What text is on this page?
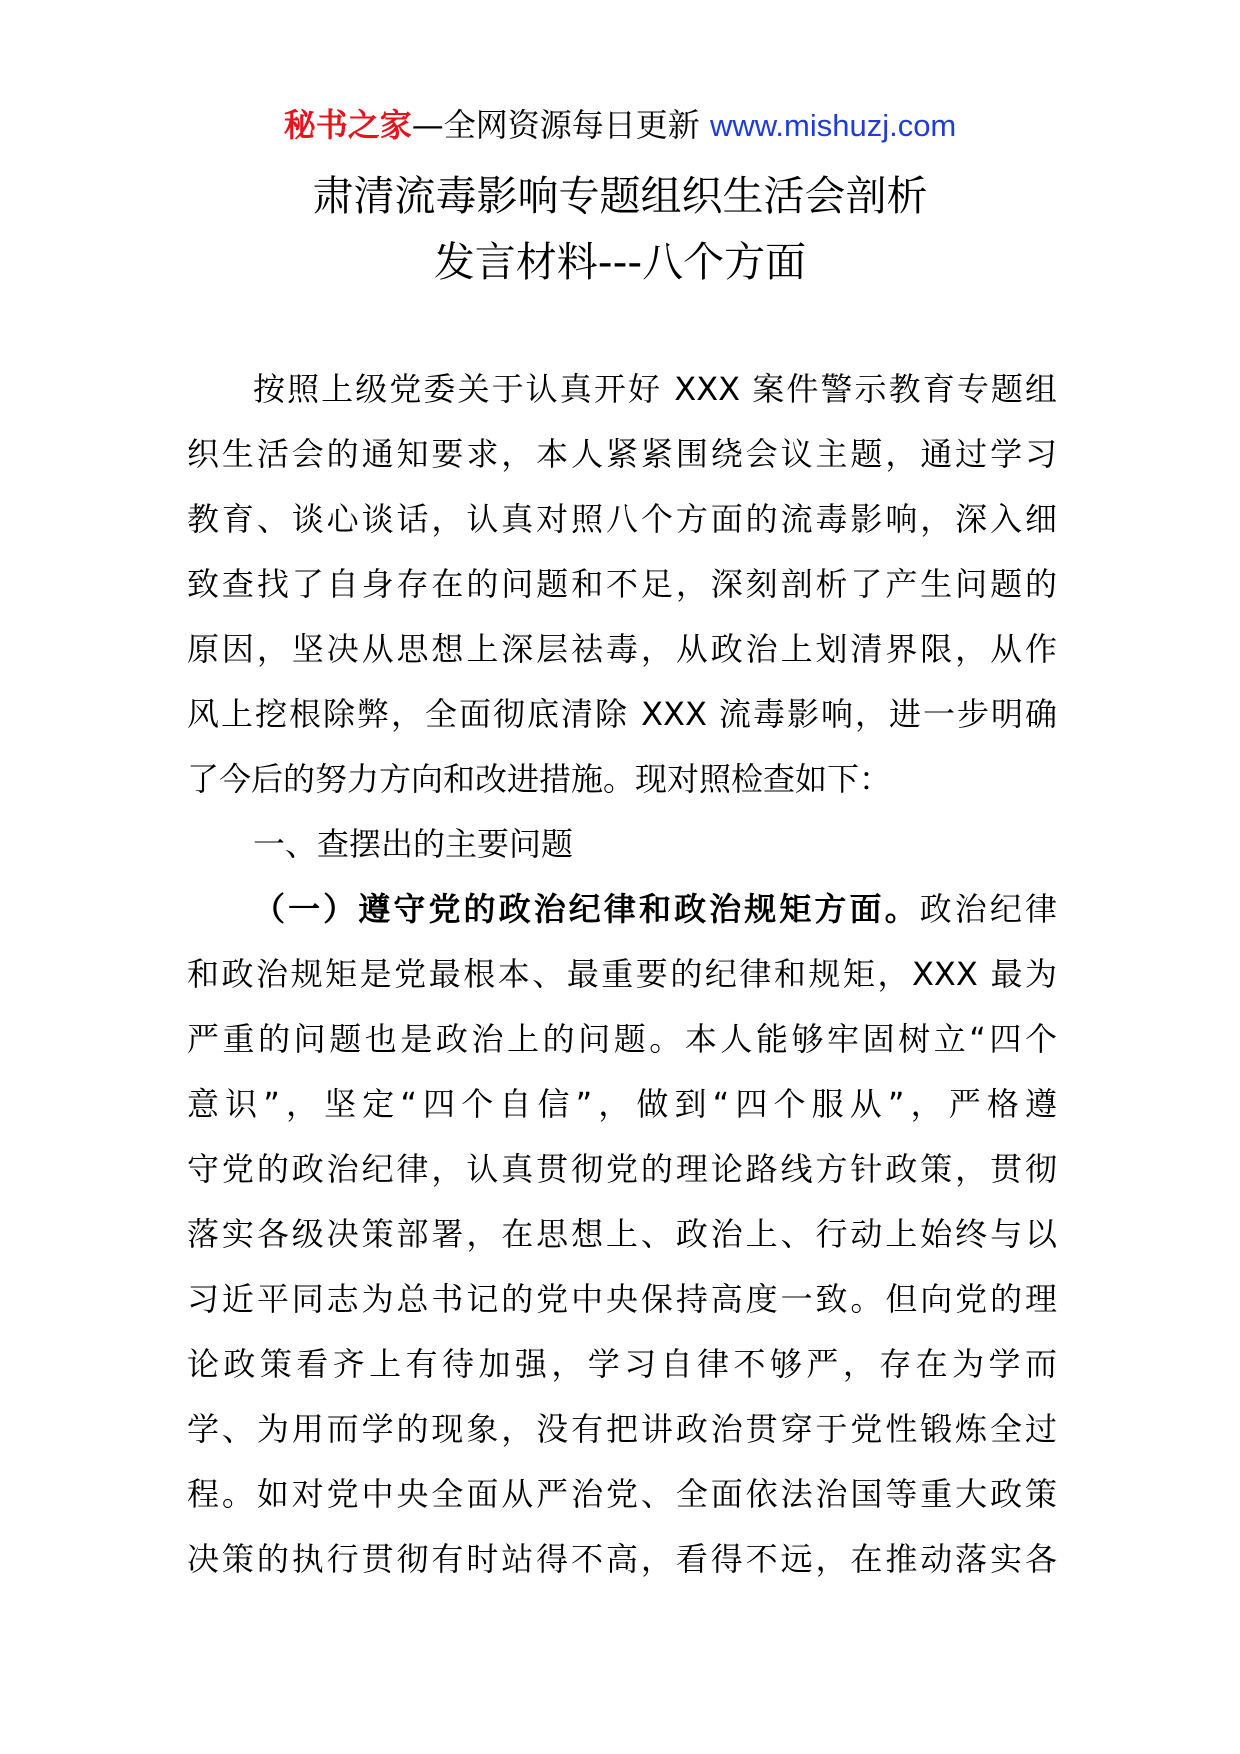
秘书之家—全网资源每日更新 www.mishuzj.com
肃清流毒影响专题组织生活会剖析
发言材料---八个方面
按照上级党委关于认真开好 XXX 案件警示教育专题组
织生活会的通知要求，本人紧紧围绕会议主题，通过学习
教育、谈心谈话，认真对照八个方面的流毒影响，深入细
致查找了自身存在的问题和不足，深刻剖析了产生问题的
原因，坚决从思想上深层祛毒，从政治上划清界限，从作
风上挖根除弊，全面彻底清除 XXX 流毒影响，进一步明确
了今后的努力方向和改进措施。现对照检查如下：
一、查摆出的主要问题
（一）遵守党的政治纪律和政治规矩方面。政治纪律
和政治规矩是党最根本、最重要的纪律和规矩，XXX 最为
严重的问题也是政治上的问题。本人能够牢固树立“四个
意识”，坚定“四个自信”，做到“四个服从”，严格遵
守党的政治纪律，认真贯彻党的理论路线方针政策，贯彻
落实各级决策部署，在思想上、政治上、行动上始终与以
习近平同志为总书记的党中央保持高度一致。但向党的理
论政策看齐上有待加强，学习自律不够严，存在为学而
学、为用而学的现象，没有把讲政治贯穿于党性锻炼全过
程。如对党中央全面从严治党、全面依法治国等重大政策
决策的执行贯彻有时站得不高，看得不远，在推动落实各
